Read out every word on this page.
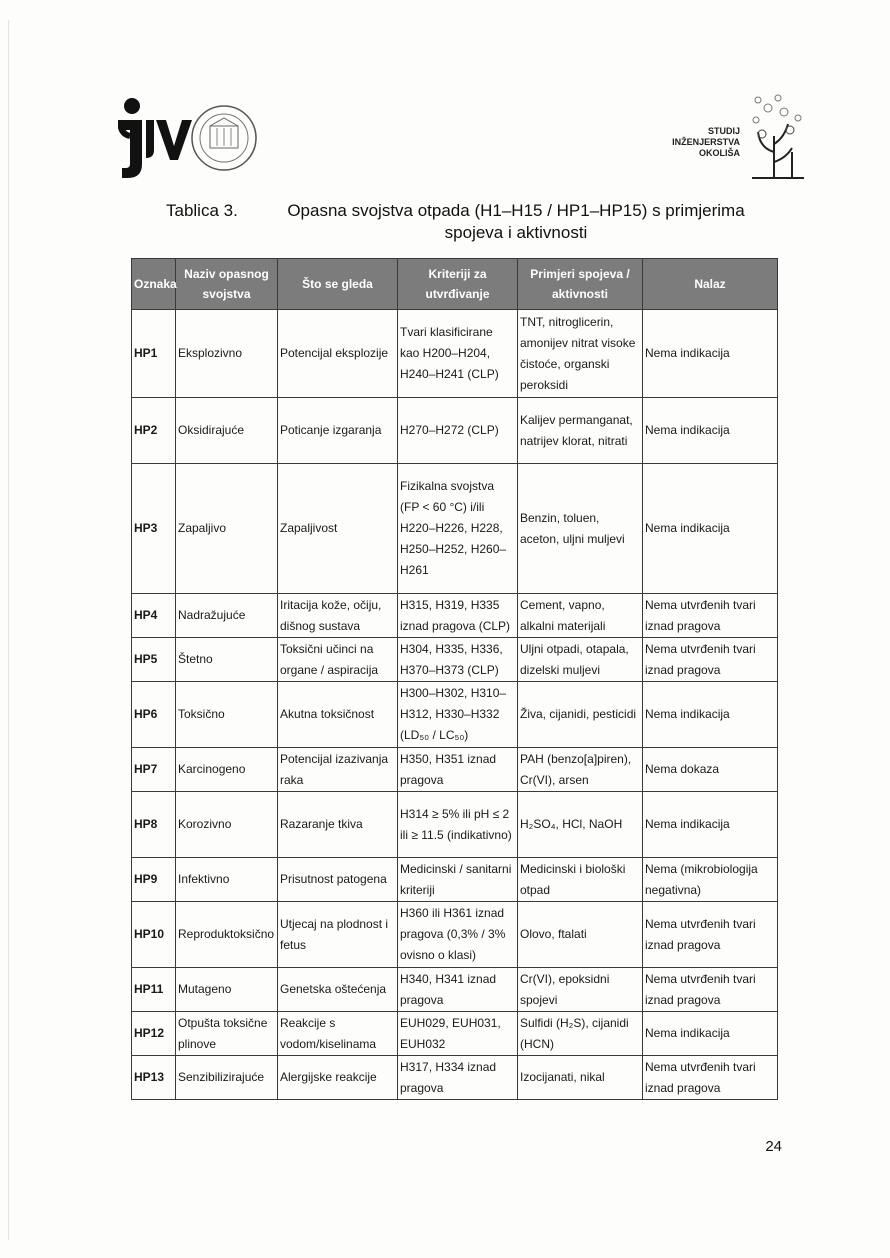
STUDIJ
INŽENJERSTVA
OKOLIŠA
Tablica 3.	Opasna svojstva otpada (H1–H15 / HP1–HP15) s primjerima spojeva i aktivnosti
Oznaka	Naziv opasnog svojstva	Što se gleda	Kriteriji za utvrđivanje	Primjeri spojeva / aktivnosti	Nalaz
HP1	Eksplozivno	Potencijal eksplozije	Tvari klasificirane kao H200–H204, H240–H241 (CLP)	TNT, nitroglicerin, amonijev nitrat visoke čistoće, organski peroksidi	Nema indikacija
HP2	Oksidirajuće	Poticanje izgaranja	H270–H272 (CLP)	Kalijev permanganat, natrijev klorat, nitrati	Nema indikacija
HP3	Zapaljivo	Zapaljivost	Fizikalna svojstva (FP < 60 °C) i/ili H220–H226, H228, H250–H252, H260–H261	Benzin, toluen, aceton, uljni muljevi	Nema indikacija
HP4	Nadražujuće	Iritacija kože, očiju, dišnog sustava	H315, H319, H335 iznad pragova (CLP)	Cement, vapno, alkalni materijali	Nema utvrđenih tvari iznad pragova
HP5	Štetno	Toksični učinci na organe / aspiracija	H304, H335, H336, H370–H373 (CLP)	Uljni otpadi, otapala, dizelski muljevi	Nema utvrđenih tvari iznad pragova
HP6	Toksično	Akutna toksičnost	H300–H302, H310–H312, H330–H332 (LD₅₀ / LC₅₀)	Živa, cijanidi, pesticidi	Nema indikacija
HP7	Karcinogeno	Potencijal izazivanja raka	H350, H351 iznad pragova	PAH (benzo[a]piren), Cr(VI), arsen	Nema dokaza
HP8	Korozivno	Razaranje tkiva	H314 ≥ 5% ili pH ≤ 2 ili ≥ 11.5 (indikativno)	H₂SO₄, HCl, NaOH	Nema indikacija
HP9	Infektivno	Prisutnost patogena	Medicinski / sanitarni kriteriji	Medicinski i biološki otpad	Nema (mikrobiologija negativna)
HP10	Reproduktoksično	Utjecaj na plodnost i fetus	H360 ili H361 iznad pragova (0,3% / 3% ovisno o klasi)	Olovo, ftalati	Nema utvrđenih tvari iznad pragova
HP11	Mutageno	Genetska oštećenja	H340, H341 iznad pragova	Cr(VI), epoksidni spojevi	Nema utvrđenih tvari iznad pragova
HP12	Otpušta toksične plinove	Reakcije s vodom/kiselinama	EUH029, EUH031, EUH032	Sulfidi (H₂S), cijanidi (HCN)	Nema indikacija
HP13	Senzibilizirajuće	Alergijske reakcije	H317, H334 iznad pragova	Izocijanati, nikal	Nema utvrđenih tvari iznad pragova
24
